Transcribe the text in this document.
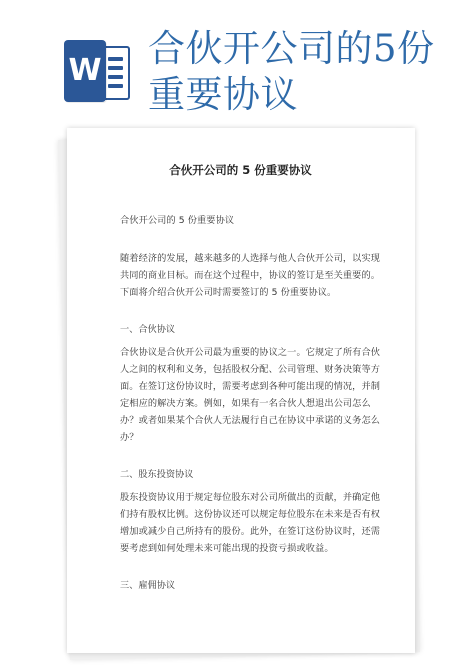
W
合伙开公司的5份
重要协议
合伙开公司的 5 份重要协议

合伙开公司的 5 份重要协议

随着经济的发展，越来越多的人选择与他人合伙开公司，以实现共同的商业目标。而在这个过程中，协议的签订是至关重要的。下面将介绍合伙开公司时需要签订的 5 份重要协议。

一、合伙协议

合伙协议是合伙开公司最为重要的协议之一。它规定了所有合伙人之间的权利和义务，包括股权分配、公司管理、财务决策等方面。在签订这份协议时，需要考虑到各种可能出现的情况，并制定相应的解决方案。例如，如果有一名合伙人想退出公司怎么办？或者如果某个合伙人无法履行自己在协议中承诺的义务怎么办？

二、股东投资协议

股东投资协议用于规定每位股东对公司所做出的贡献，并确定他们持有股权比例。这份协议还可以规定每位股东在未来是否有权增加或减少自己所持有的股份。此外，在签订这份协议时，还需要考虑到如何处理未来可能出现的投资亏损或收益。

三、雇佣协议
